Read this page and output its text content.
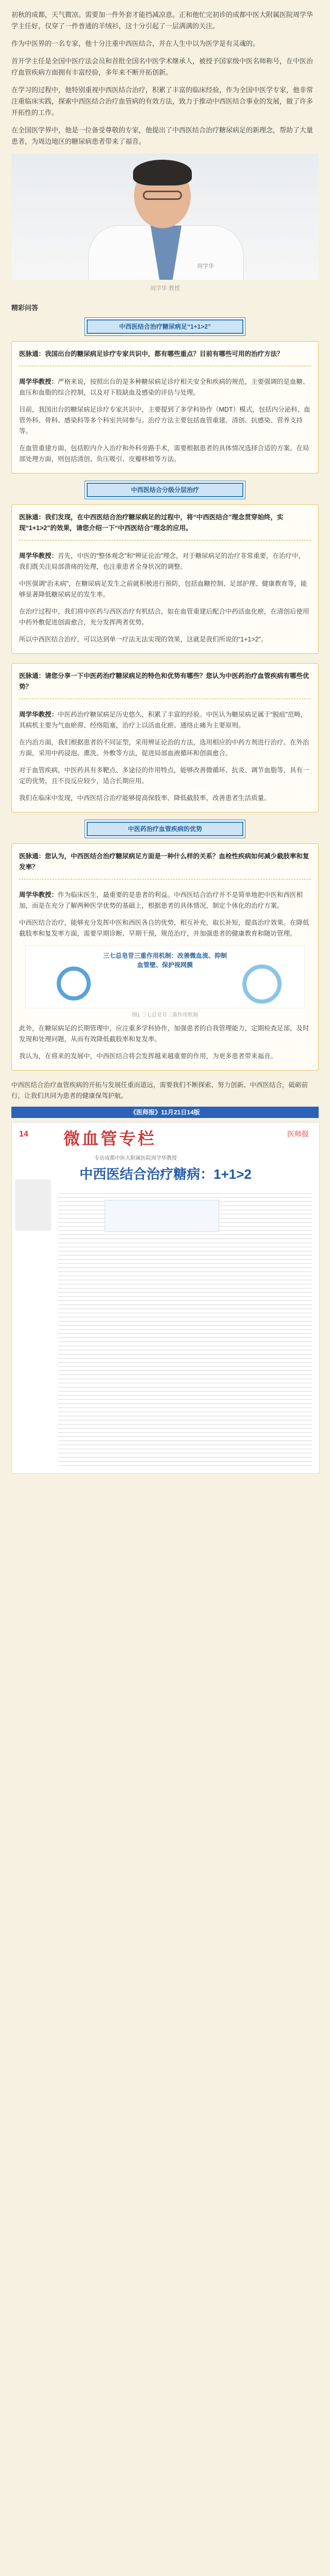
初秋的成都，天气微凉。需要加一件外套才能挡减凉意。正和他忙完初诊的成都中医大附属医院周学华学主任好，仅穿了一件普通的羊绒衫，这十分引起了一层满满的关注。

作为中医界的一名专家，他十分注重中西医结合，并在人生中以为医学是有灵魂的。

首开学主任是全国中医疗法会员和首批全国名中医学术继承人，被授予国家级中医名师称号，在中医治疗血管疾病方面拥有丰富经验，多年来不断开拓创新。

在学习的过程中，他特别重视中西医结合治疗，积累了丰富的临床经验，作为全国中医学专家，他非常注重临床实践，探索中西医结合治疗血管病的有效方法，致力于推动中西医结合事业的发展，做了许多开拓性的工作。

在全国医学界中，他是一位备受尊敬的专家，他提出了中西医结合治疗糖尿病足的新理念，帮助了大量患者，为周边地区的糖尿病患者带来了福音。

周学华
周学华 教授
精彩问答
中西医结合治疗糖尿病足“1+1>2”

医脉通：我国出台的糖尿病足诊疗专家共识中，都有哪些重点？目前有哪些可用的治疗方法？

周学华教授：严格来说，按照出台的是多种糖尿病足诊疗相关安全和疾病的规范，主要强调的是血糖、血压和血脂的综合控制，以及对下肢缺血及感染的评估与处理。

目前，我国出台的糖尿病足诊疗专家共识中，主要提到了多学科协作（MDT）模式，包括内分泌科、血管外科、骨科、感染科等多个科室共同参与。治疗方法主要包括血管重建、清创、抗感染、营养支持等。

在血管重建方面，包括腔内介入治疗和外科旁路手术，需要根据患者的具体情况选择合适的方案。在局部处理方面，则包括清创、负压吸引、皮瓣移植等方法。

中西医结合分级分层治疗

医脉通：我们发现，在中西医结合治疗糖尿病足的过程中，将“中西医结合”理念贯穿始终，实现“1+1>2”的效果，请您介绍一下“中西医结合”理念的应用。

周学华教授：首先，中医的“整体观念”和“辨证论治”理念，对于糖尿病足的治疗非常重要，在治疗中，我们既关注局部溃疡的处理，也注重患者全身状况的调整。

中医强调“治未病”，在糖尿病足发生之前就积极进行预防，包括血糖控制、足部护理、健康教育等，能够显著降低糖尿病足的发生率。

在治疗过程中，我们将中医药与西医治疗有机结合，如在血管重建后配合中药活血化瘀，在清创后使用中药外敷促进创面愈合，充分发挥两者优势。

所以中西医结合治疗，可以达到单一疗法无法实现的效果，这就是我们所说的“1+1>2”。

医脉通：请您分享一下中医药治疗糖尿病足的特色和优势有哪些？您认为中医药治疗血管疾病有哪些优势？

周学华教授：中医药治疗糖尿病足历史悠久，积累了丰富的经验。中医认为糖尿病足属于“脱疽”范畴，其病机主要为气血瘀滞、经络阻塞，治疗上以活血化瘀、通络止痛为主要原则。

在内治方面，我们根据患者的不同证型，采用辨证论治的方法，选用相应的中药方剂进行治疗。在外治方面，采用中药浸泡、熏洗、外敷等方法，促进局部血液循环和创面愈合。

对于血管疾病，中医药具有多靶点、多途径的作用特点，能够改善微循环、抗炎、调节血脂等，具有一定的优势，且不良反应较少，适合长期应用。

我们在临床中发现，中西医结合治疗能够提高保肢率、降低截肢率，改善患者生活质量。

中医药治疗血管疾病的优势

医脉通：您认为，中西医结合治疗糖尿病足方面是一种什么样的关系？血栓性疾病如何减少截肢率和复发率？

周学华教授：作为临床医生，最重要的是患者的利益。中西医结合治疗并不是简单地把中医和西医相加，而是在充分了解两种医学优势的基础上，根据患者的具体情况，制定个体化的治疗方案。

中西医结合治疗，能够充分发挥中医和西医各自的优势，相互补充，取长补短，提高治疗效果。在降低截肢率和复发率方面，需要早期诊断、早期干预，规范治疗，并加强患者的健康教育和随访管理。

三七总皂苷三重作用机制：改善微血流、抑制血管壁、保护视网膜
图1 三七总皂苷三重作用机制

此外，在糖尿病足的长期管理中，应注重多学科协作，加强患者的自我管理能力，定期检查足部，及时发现和处理问题，从而有效降低截肢率和复发率。

我认为，在将来的发展中，中西医结合将会发挥越来越重要的作用，为更多患者带来福音。

中西医结合治疗血管疾病的开拓与发展任重而道远，需要我们不断探索、努力创新。中西医结合，砥砺前行，让我们共同为患者的健康保驾护航。

《医师报》11月21日14版
14 微血管专栏	医师报
专访成都中医大附属医院周学华教授
中西医结合治疗糖病：1+1>2
